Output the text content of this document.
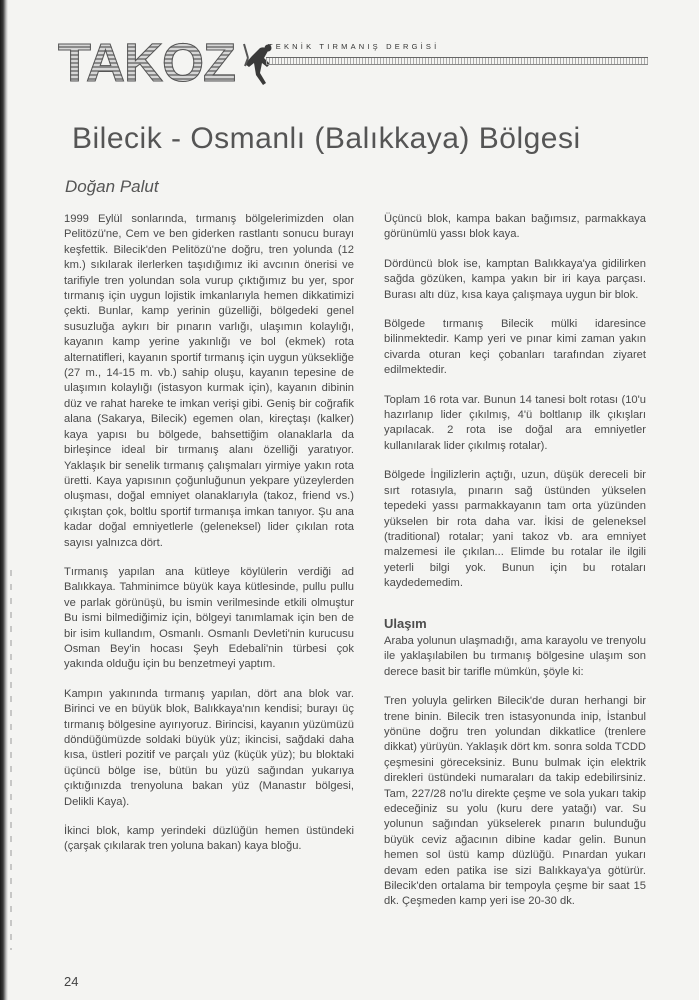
TAKOZ	TEKNİK TIRMANIŞ DERGİSİ
Bilecik - Osmanlı (Balıkkaya) Bölgesi

Doğan Palut

1999 Eylül sonlarında, tırmanış bölgelerimizden olan Pelitözü'ne, Cem ve ben giderken rastlantı sonucu burayı keşfettik. Bilecik'den Pelitözü'ne doğru, tren yolunda (12 km.) sıkılarak ilerlerken taşıdığımız iki avcının önerisi ve tarifiyle tren yolundan sola vurup çıktığımız bu yer, spor tırmanış için uygun lojistik imkanlarıyla hemen dikkatimizi çekti. Bunlar, kamp yerinin güzelliği, bölgedeki genel susuzluğa aykırı bir pınarın varlığı, ulaşımın kolaylığı, kayanın kamp yerine yakınlığı ve bol (ekmek) rota alternatifleri, kayanın sportif tırmanış için uygun yüksekliğe (27 m., 14-15 m. vb.) sahip oluşu, kayanın tepesine de ulaşımın kolaylığı (istasyon kurmak için), kayanın dibinin düz ve rahat hareke te imkan verişi gibi. Geniş bir coğrafik alana (Sakarya, Bilecik) egemen olan, kireçtaşı (kalker) kaya yapısı bu bölgede, bahsettiğim olanaklarla da birleşince ideal bir tırmanış alanı özelliği yaratıyor. Yaklaşık bir senelik tırmanış çalışmaları yirmiye yakın rota üretti. Kaya yapısının çoğunluğunun yekpare yüzeylerden oluşması, doğal emniyet olanaklarıyla (takoz, friend vs.) çıkıştan çok, boltlu sportif tırmanışa imkan tanıyor. Şu ana kadar doğal emniyetlerle (geleneksel) lider çıkılan rota sayısı yalnızca dört.

Tırmanış yapılan ana kütleye köylülerin verdiği ad Balıkkaya. Tahminimce büyük kaya kütlesinde, pullu pullu ve parlak görünüşü, bu ismin verilmesinde etkili olmuştur Bu ismi bilmediğimiz için, bölgeyi tanımlamak için ben de bir isim kullandım, Osmanlı. Osmanlı Devleti'nin kurucusu Osman Bey'in hocası Şeyh Edebali'nin türbesi çok yakında olduğu için bu benzetmeyi yaptım.

Kampın yakınında tırmanış yapılan, dört ana blok var. Birinci ve en büyük blok, Balıkkaya'nın kendisi; burayı üç tırmanış bölgesine ayırıyoruz. Birincisi, kayanın yüzümüzü döndüğümüzde soldaki büyük yüz; ikincisi, sağdaki daha kısa, üstleri pozitif ve parçalı yüz (küçük yüz); bu bloktaki üçüncü bölge ise, bütün bu yüzü sağından yukarıya çıktığınızda trenyoluna bakan yüz (Manastır bölgesi, Delikli Kaya).

İkinci blok, kamp yerindeki düzlüğün hemen üstündeki (çarşak çıkılarak tren yoluna bakan) kaya bloğu.

Üçüncü blok, kampa bakan bağımsız, parmakkaya görünümlü yassı blok kaya.

Dördüncü blok ise, kamptan Balıkkaya'ya gidilirken sağda gözüken, kampa yakın bir iri kaya parçası. Burası altı düz, kısa kaya çalışmaya uygun bir blok.

Bölgede tırmanış Bilecik mülki idaresince bilinmektedir. Kamp yeri ve pınar kimi zaman yakın civarda oturan keçi çobanları tarafından ziyaret edilmektedir.

Toplam 16 rota var. Bunun 14 tanesi bolt rotası (10'u hazırlanıp lider çıkılmış, 4'ü boltlanıp ilk çıkışları yapılacak. 2 rota ise doğal ara emniyetler kullanılarak lider çıkılmış rotalar).

Bölgede İngilizlerin açtığı, uzun, düşük dereceli bir sırt rotasıyla, pınarın sağ üstünden yükselen tepedeki yassı parmakkayanın tam orta yüzünden yükselen bir rota daha var. İkisi de geleneksel (traditional) rotalar; yani takoz vb. ara emniyet malzemesi ile çıkılan... Elimde bu rotalar ile ilgili yeterli bilgi yok. Bunun için bu rotaları kaydedemedim.

Ulaşım

Araba yolunun ulaşmadığı, ama karayolu ve trenyolu ile yaklaşılabilen bu tırmanış bölgesine ulaşım son derece basit bir tarifle mümkün, şöyle ki:

Tren yoluyla gelirken Bilecik'de duran herhangi bir trene binin. Bilecik tren istasyonunda inip, İstanbul yönüne doğru tren yolundan dikkatlice (trenlere dikkat) yürüyün. Yaklaşık dört km. sonra solda TCDD çeşmesini göreceksiniz. Bunu bulmak için elektrik direkleri üstündeki numaraları da takip edebilirsiniz. Tam, 227/28 no'lu direkte çeşme ve sola yukarı takip edeceğiniz su yolu (kuru dere yatağı) var. Su yolunun sağından yükselerek pınarın bulunduğu büyük ceviz ağacının dibine kadar gelin. Bunun hemen sol üstü kamp düzlüğü. Pınardan yukarı devam eden patika ise sizi Balıkkaya'ya götürür. Bilecik'den ortalama bir tempoyla çeşme bir saat 15 dk. Çeşmeden kamp yeri ise 20-30 dk.

24
